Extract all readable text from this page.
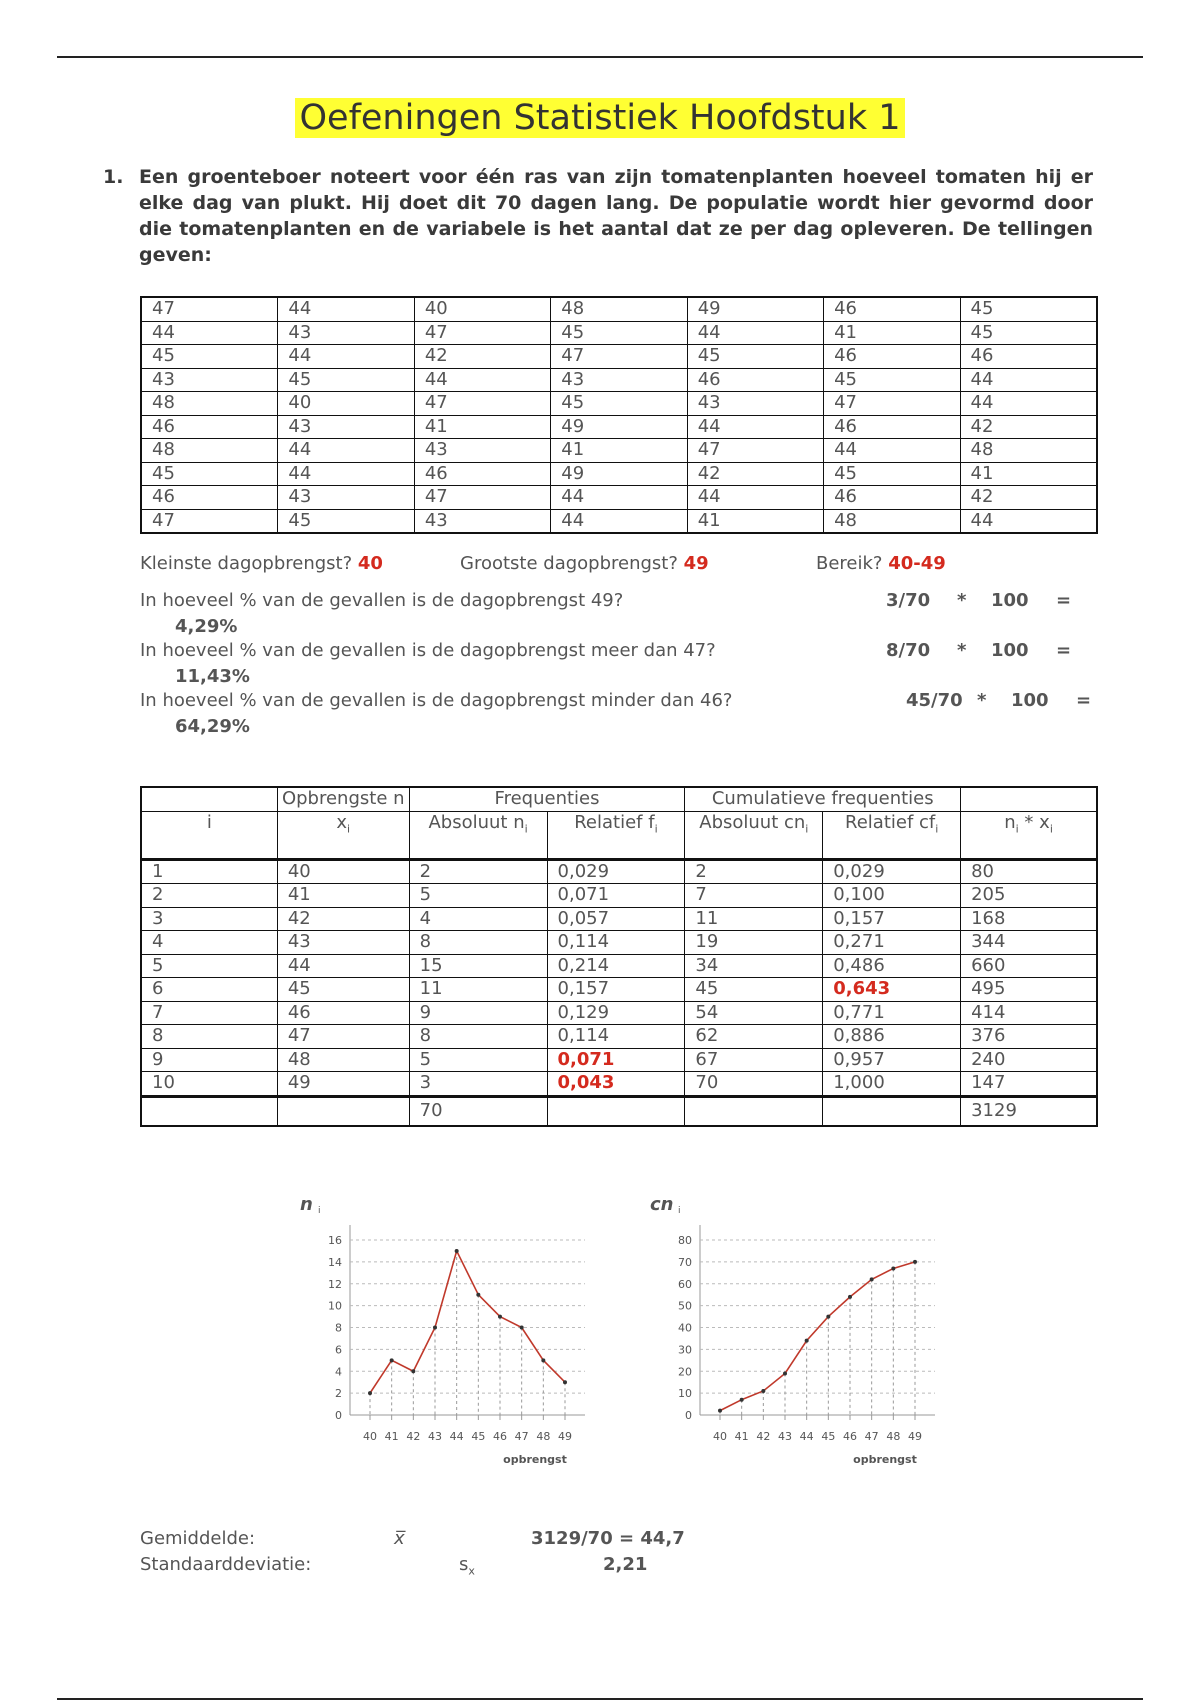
Oefeningen Statistiek Hoofdstuk 1
1. Een groenteboer noteert voor één ras van zijn tomatenplanten hoeveel tomaten hij er elke dag van plukt. Hij doet dit 70 dagen lang. De populatie wordt hier gevormd door die tomatenplanten en de variabele is het aantal dat ze per dag opleveren. De tellingen geven:
47	44	40	48	49	46	45
44	43	47	45	44	41	45
45	44	42	47	45	46	46
43	45	44	43	46	45	44
48	40	47	45	43	47	44
46	43	41	49	44	46	42
48	44	43	41	47	44	48
45	44	46	49	42	45	41
46	43	47	44	44	46	42
47	45	43	44	41	48	44
Kleinste dagopbrengst? 40	Grootste dagopbrengst? 49	Bereik? 40-49
In hoeveel % van de gevallen is de dagopbrengst 49?	3/70 * 100 =
4,29%
In hoeveel % van de gevallen is de dagopbrengst meer dan 47?	8/70 * 100 =
11,43%
In hoeveel % van de gevallen is de dagopbrengst minder dan 46?	45/70 * 100 =
64,29%
	Opbrengste n	Frequenties		Cumulatieve frequenties		
i	$x_i$	Absoluut $n_i$	Relatief $f_i$	Absoluut $cn_i$	Relatief $cf_i$	$n_i * x_i$
1	40	2	0,029	2	0,029	80
2	41	5	0,071	7	0,100	205
3	42	4	0,057	11	0,157	168
4	43	8	0,114	19	0,271	344
5	44	15	0,214	34	0,486	660
6	45	11	0,157	45	0,643	495
7	46	9	0,129	54	0,771	414
8	47	8	0,114	62	0,886	376
9	48	5	0,071	67	0,957	240
10	49	3	0,043	70	1,000	147
		70				3129
n i
0
2
4
6
8
10
12
14
16
40 41 42 43 44 45 46 47 48 49
opbrengst
cn i
0
10
20
30
40
50
60
70
80
40 41 42 43 44 45 46 47 48 49
opbrengst
Gemiddelde:	x̅	3129/70 = 44,7
Standaarddeviatie:	$s_x$	2,21
